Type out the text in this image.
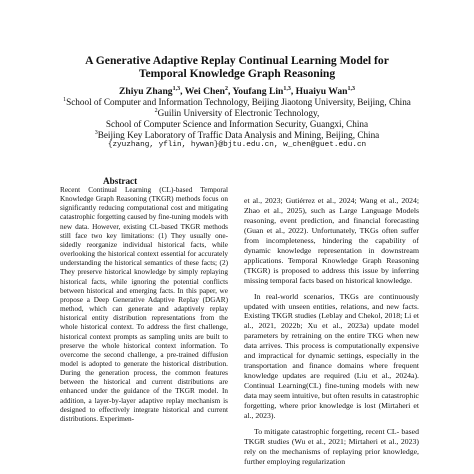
A Generative Adaptive Replay Continual Learning Model for
Temporal Knowledge Graph Reasoning
Zhiyu Zhang$^{1,3}$, Wei Chen$^2$, Youfang Lin$^{1,3}$, Huaiyu Wan$^{1,3}$
$^1$School of Computer and Information Technology, Beijing Jiaotong University, Beijing, China
$^2$Guilin University of Electronic Technology,
School of Computer Science and Information Security, Guangxi, China
$^3$Beijing Key Laboratory of Traffic Data Analysis and Mining, Beijing, China
{zyuzhang, yflin, hywan}@bjtu.edu.cn, w_chen@guet.edu.cn
Abstract

Recent Continual Learning (CL)-based Temporal Knowledge Graph Reasoning (TKGR) methods focus on significantly reducing computational cost and mitigating catastrophic forgetting caused by fine-tuning models with new data. However, existing CL-based TKGR methods still face two key limitations: (1) They usually one-sidedly reorganize individual historical facts, while overlooking the historical context essential for accurately understanding the historical semantics of these facts; (2) They preserve historical knowledge by simply replaying historical facts, while ignoring the potential conflicts between historical and emerging facts. In this paper, we propose a Deep Generative Adaptive Replay (DGAR) method, which can generate and adaptively replay historical entity distribution representations from the whole historical context. To address the first challenge, historical context prompts as sampling units are built to preserve the whole historical context information. To overcome the second challenge, a pre-trained diffusion model is adopted to generate the historical distribution. During the generation process, the common features between the historical and current distributions are enhanced under the guidance of the TKGR model. In addition, a layer-by-layer adaptive replay mechanism is designed to effectively integrate historical and current distributions. Experimen-

et al., 2023; Gutiérrez et al., 2024; Wang et al., 2024; Zhao et al., 2025), such as Large Language Models reasoning, event prediction, and financial forecasting (Guan et al., 2022). Unfortunately, TKGs often suffer from incompleteness, hindering the capability of dynamic knowledge representation in downstream applications. Temporal Knowledge Graph Reasoning (TKGR) is proposed to address this issue by inferring missing temporal facts based on historical knowledge.

In real-world scenarios, TKGs are continuously updated with unseen entities, relations, and new facts. Existing TKGR studies (Leblay and Chekol, 2018; Li et al., 2021, 2022b; Xu et al., 2023a) update model parameters by retraining on the entire TKG when new data arrives. This process is computationally expensive and impractical for dynamic settings, especially in the transportation and finance domains where frequent knowledge updates are required (Liu et al., 2024a). Continual Learning(CL) fine-tuning models with new data may seem intuitive, but often results in catastrophic forgetting, where prior knowledge is lost (Mirtaheri et al., 2023).

To mitigate catastrophic forgetting, recent CL- based TKGR studies (Wu et al., 2021; Mirtaheri et al., 2023) rely on the mechanisms of replaying prior knowledge, further employing regularization
